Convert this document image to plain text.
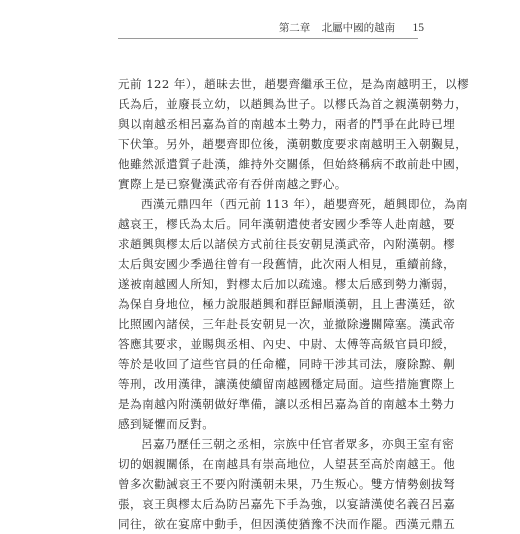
第二章 北屬中國的越南 15
元前 122 年），趙昧去世，趙嬰齊繼承王位，是為南越明王，以樛
氏為后，並廢長立幼，以趙興為世子。以樛氏為首之親漢朝勢力，
與以南越丞相呂嘉為首的南越本土勢力，兩者的鬥爭在此時已埋
下伏筆。另外，趙嬰齊即位後，漢朝數度要求南越明王入朝覲見，
他雖然派遣質子赴漢，維持外交關係，但始終稱病不敢前赴中國，
實際上是已察覺漢武帝有吞併南越之野心。
西漢元鼎四年（西元前 113 年），趙嬰齊死，趙興即位，為南
越哀王，樛氏為太后。同年漢朝遣使者安國少季等人赴南越，要
求趙興與樛太后以諸侯方式前往長安朝見漢武帝，內附漢朝。樛
太后與安國少季過往曾有一段舊情，此次兩人相見，重續前緣，
遂被南越國人所知，對樛太后加以疏遠。樛太后感到勢力漸弱，
為保自身地位，極力說服趙興和群臣歸順漢朝，且上書漢廷，欲
比照國內諸侯，三年赴長安朝見一次，並撤除邊關障塞。漢武帝
答應其要求，並賜與丞相、內史、中尉、太傅等高級官員印綬，
等於是收回了這些官員的任命權，同時干涉其司法，廢除黥、劓
等刑，改用漢律，讓漢使續留南越國穩定局面。這些措施實際上
是為南越內附漢朝做好準備，讓以丞相呂嘉為首的南越本土勢力
感到疑懼而反對。
呂嘉乃歷任三朝之丞相，宗族中任官者眾多，亦與王室有密
切的姻親關係，在南越具有崇高地位，人望甚至高於南越王。他
曾多次勸誡哀王不要內附漢朝未果，乃生叛心。雙方情勢劍拔弩
張，哀王與樛太后為防呂嘉先下手為強，以宴請漢使名義召呂嘉
同往，欲在宴席中動手，但因漢使猶豫不決而作罷。西漢元鼎五
